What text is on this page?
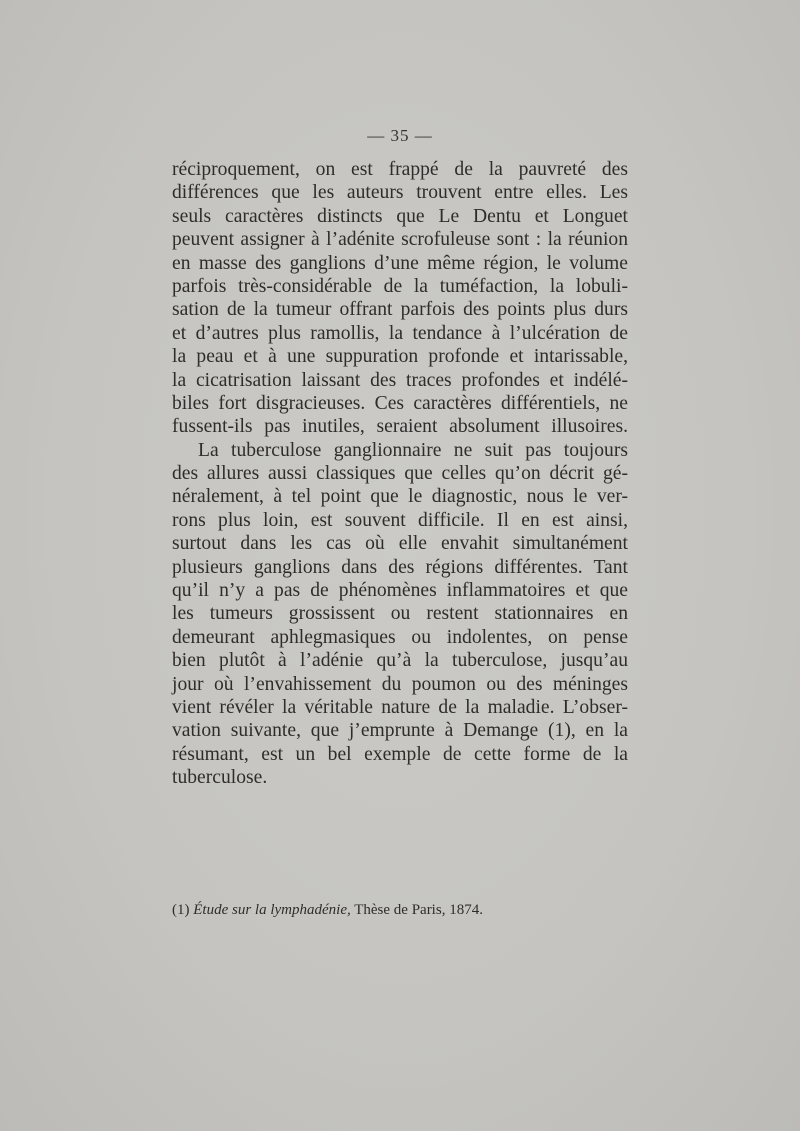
— 35 —
réciproquement, on est frappé de la pauvreté des
différences que les auteurs trouvent entre elles. Les
seuls caractères distincts que Le Dentu et Longuet
peuvent assigner à l’adénite scrofuleuse sont : la réunion
en masse des ganglions d’une même région, le volume
parfois très-considérable de la tuméfaction, la lobuli-
sation de la tumeur offrant parfois des points plus durs
et d’autres plus ramollis, la tendance à l’ulcération de
la peau et à une suppuration profonde et intarissable,
la cicatrisation laissant des traces profondes et indélé-
biles fort disgracieuses. Ces caractères différentiels, ne
fussent-ils pas inutiles, seraient absolument illusoires.
La tuberculose ganglionnaire ne suit pas toujours
des allures aussi classiques que celles qu’on décrit gé-
néralement, à tel point que le diagnostic, nous le ver-
rons plus loin, est souvent difficile. Il en est ainsi,
surtout dans les cas où elle envahit simultanément
plusieurs ganglions dans des régions différentes. Tant
qu’il n’y a pas de phénomènes inflammatoires et que
les tumeurs grossissent ou restent stationnaires en
demeurant aphlegmasiques ou indolentes, on pense
bien plutôt à l’adénie qu’à la tuberculose, jusqu’au
jour où l’envahissement du poumon ou des méninges
vient révéler la véritable nature de la maladie. L’obser-
vation suivante, que j’emprunte à Demange (1), en la
résumant, est un bel exemple de cette forme de la
tuberculose.
(1) Étude sur la lymphadénie, Thèse de Paris, 1874.
